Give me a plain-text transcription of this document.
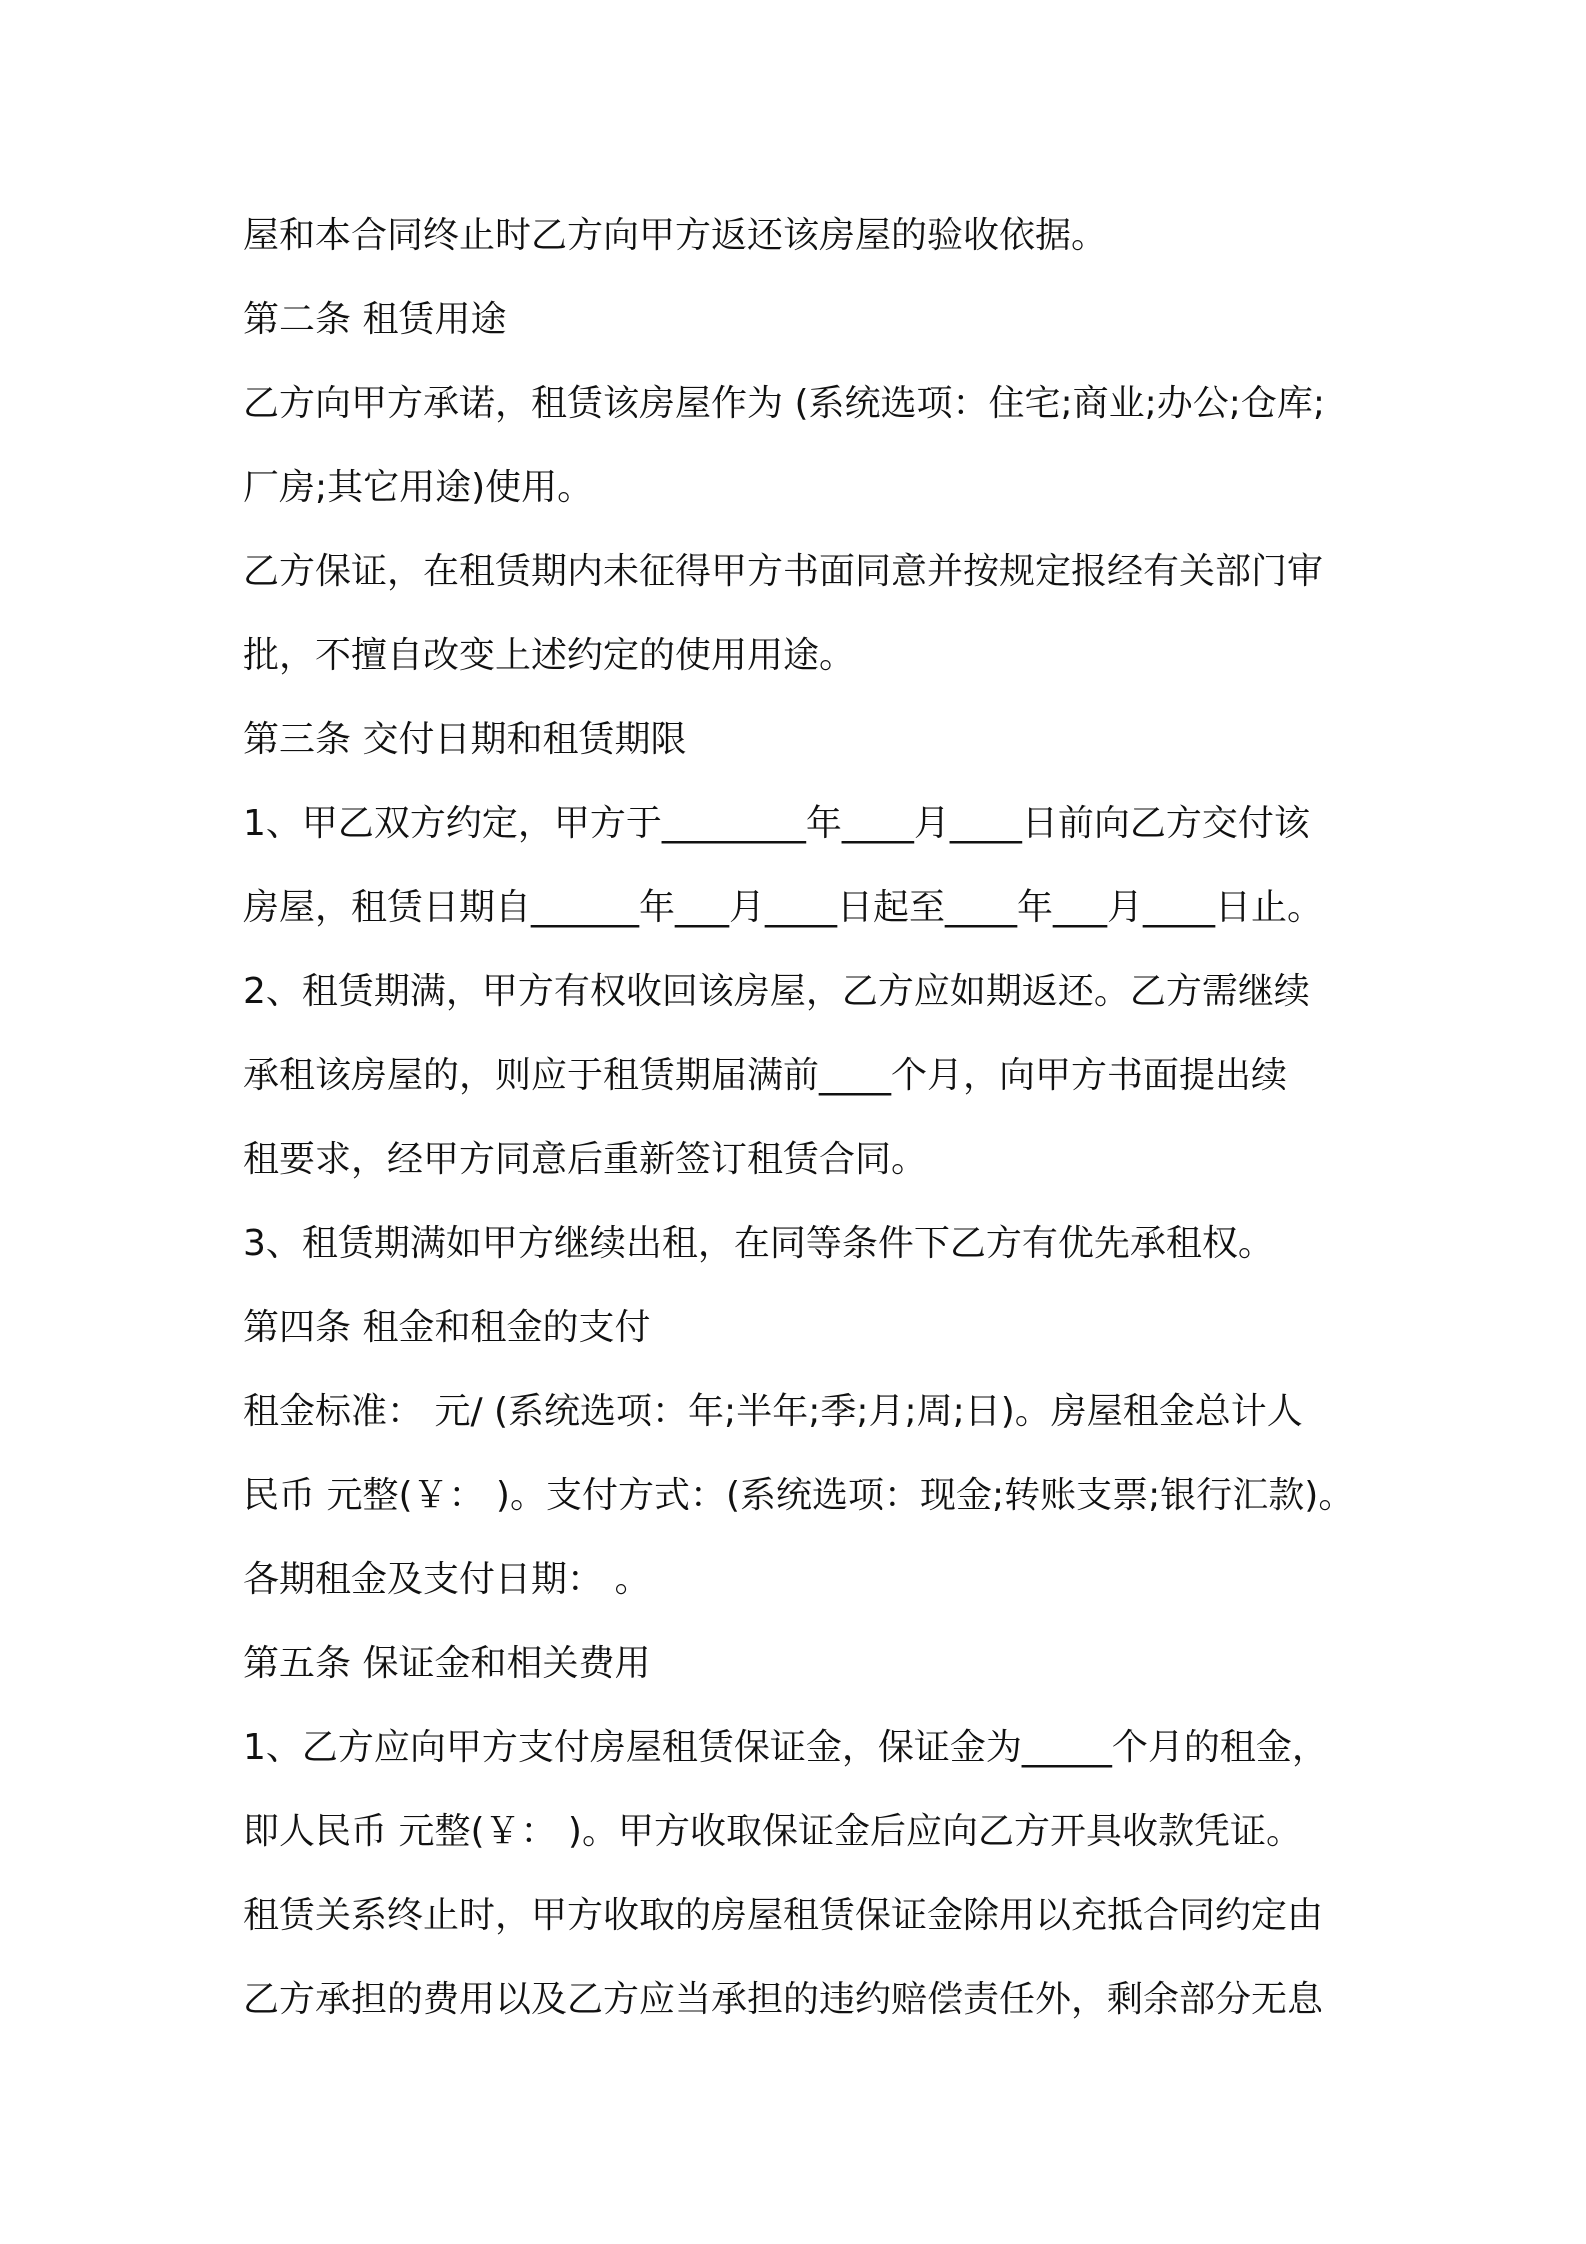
屋和本合同终止时乙方向甲方返还该房屋的验收依据。
第二条 租赁用途
乙方向甲方承诺，租赁该房屋作为 (系统选项：住宅;商业;办公;仓库;
厂房;其它用途)使用。
乙方保证，在租赁期内未征得甲方书面同意并按规定报经有关部门审
批，不擅自改变上述约定的使用用途。
第三条 交付日期和租赁期限
1、甲乙双方约定，甲方于________年____月____日前向乙方交付该
房屋，租赁日期自______年___月____日起至____年___月____日止。
2、租赁期满，甲方有权收回该房屋，乙方应如期返还。乙方需继续
承租该房屋的，则应于租赁期届满前____个月，向甲方书面提出续
租要求，经甲方同意后重新签订租赁合同。
3、租赁期满如甲方继续出租，在同等条件下乙方有优先承租权。
第四条 租金和租金的支付
租金标准： 元/ (系统选项：年;半年;季;月;周;日)。房屋租金总计人
民币 元整(￥： )。支付方式：(系统选项：现金;转账支票;银行汇款)。
各期租金及支付日期： 。
第五条 保证金和相关费用
1、乙方应向甲方支付房屋租赁保证金，保证金为_____个月的租金，
即人民币 元整(￥： )。甲方收取保证金后应向乙方开具收款凭证。
租赁关系终止时，甲方收取的房屋租赁保证金除用以充抵合同约定由
乙方承担的费用以及乙方应当承担的违约赔偿责任外，剩余部分无息
